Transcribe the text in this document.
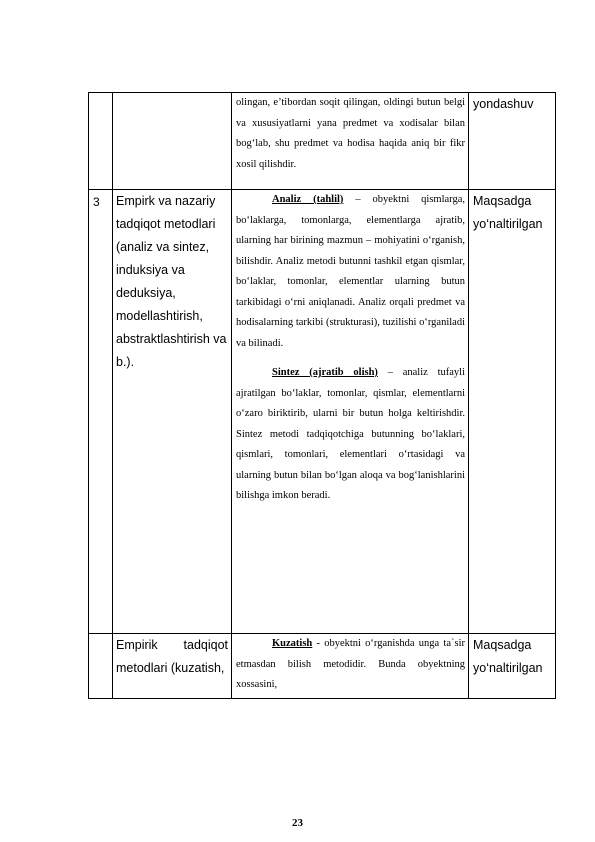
		olingan, e’tibordan soqit qilingan, oldingi butun belgi va xususiyatlarni yana predmet va xodisalar bilan bog‘lab, shu predmet va hodisa haqida aniq bir fikr xosil qilishdir.	yondashuv

3	Empirk va nazariy tadqiqot metodlari (analiz va sintez, induksiya va deduksiya, modellashtirish, abstraktlashtirish va b.).	Analiz (tahlil) – obyektni qismlarga, bo‘laklarga, tomonlarga, elementlarga ajratib, ularning har birining mazmun – mohiyatini o‘rganish, bilishdir. Analiz metodi butunni tashkil etgan qismlar, bo‘laklar, tomonlar, elementlar ularning butun tarkibidagi o‘rni aniqlanadi. Analiz orqali predmet va hodisalarning tarkibi (strukturasi), tuzilishi o‘rganiladi va bilinadi.

Sintez (ajratib olish) – analiz tufayli ajratilgan bo‘laklar, tomonlar, qismlar, elementlarni o‘zaro biriktirib, ularni bir butun holga keltirishdir. Sintez metodi tadqiqotchiga butunning bo‘laklari, qismlari, tomonlari, elementlari o‘rtasidagi va ularning butun bilan bo‘lgan aloqa va bog‘lanishlarini bilishga imkon beradi.	Maqsadga yo‘naltirilgan

	Empirik tadqiqot metodlari (kuzatish,	Kuzatish - obyektni o‘rganishda unga ta`sir etmasdan bilish metodidir. Bunda obyektning xossasini,	Maqsadga yo‘naltirilgan
23
